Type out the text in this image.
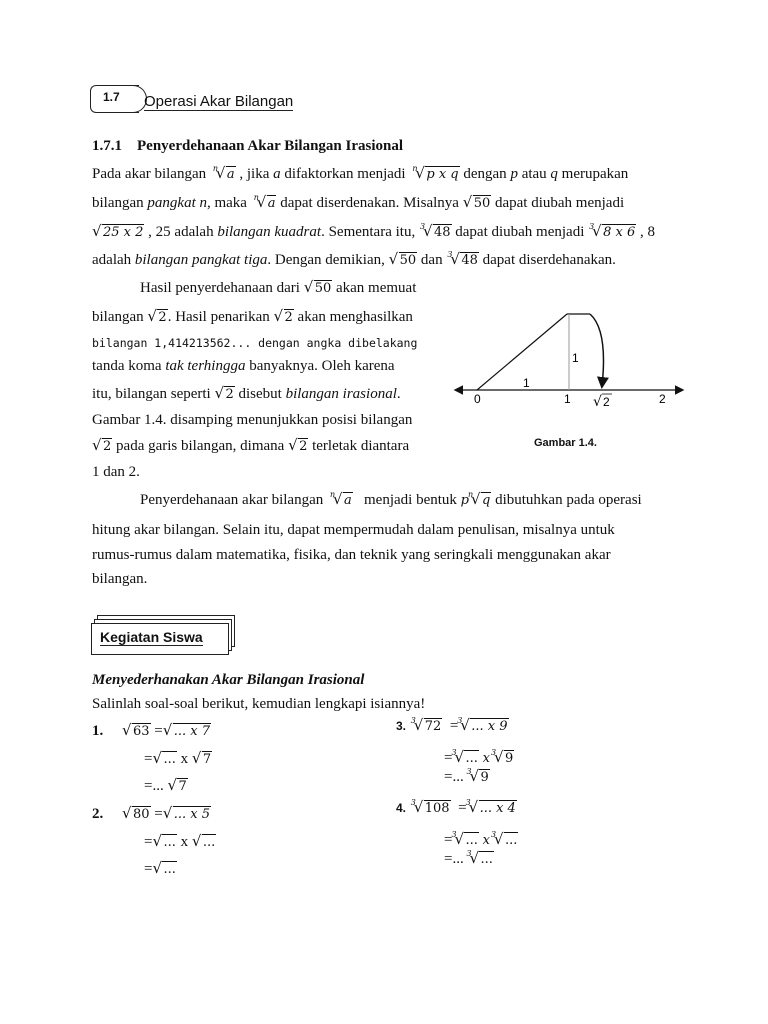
1.7 Operasi Akar Bilangan
1.7.1 Penyerdehanaan Akar Bilangan Irasional
Pada akar bilangan √ n a , jika a difaktorkan menjadi √ n p x q dengan p atau q merupakan
bilangan pangkat n, maka √ n a dapat diserdenakan. Misalnya √ 50 dapat diubah menjadi
√ 25 x 2 , 25 adalah bilangan kuadrat. Sementara itu, √ 3 48 dapat diubah menjadi √ 3 8 x 6 , 8
adalah bilangan pangkat tiga. Dengan demikian, √ 50 dan √ 3 48 dapat diserdehanakan.
Hasil penyerdehanaan dari √ 50 akan memuat
bilangan √ 2. Hasil penarikan √ 2 akan menghasilkan
bilangan 1,414213562... dengan angka dibelakang
tanda koma tak terhingga banyaknya. Oleh karena
itu, bilangan seperti √ 2 disebut bilangan irasional.
Gambar 1.4. disamping menunjukkan posisi bilangan
√ 2 pada garis bilangan, dimana √ 2 terletak diantara
1 dan 2.
1
1
0	1 √ 2	2
Gambar 1.4.
Penyerdehanaan akar bilangan √ n a menjadi bentuk p √ n q dibutuhkan pada operasi
hitung akar bilangan. Selain itu, dapat mempermudah dalam penulisan, misalnya untuk
rumus-rumus dalam matematika, fisika, dan teknik yang seringkali menggunakan akar
bilangan.
Kegiatan Siswa
Menyederhanakan Akar Bilangan Irasional
Salinlah soal-soal berikut, kemudian lengkapi isiannya!
1. √ 63 = √ ... x 7
= √ ... x √ 7
=... √ 7
2. √ 80 = √ ... x 5
= √ ... x √ ...
= √ ...
3. √ 3 72 = √ 3 ... x 9
= √ 3 ... x √ 3 9
=... √ 3 9
4. √ 3 108 = √ 3 ... x 4
= √ 3 ... x √ 3 ...
=... √ 3 ...
